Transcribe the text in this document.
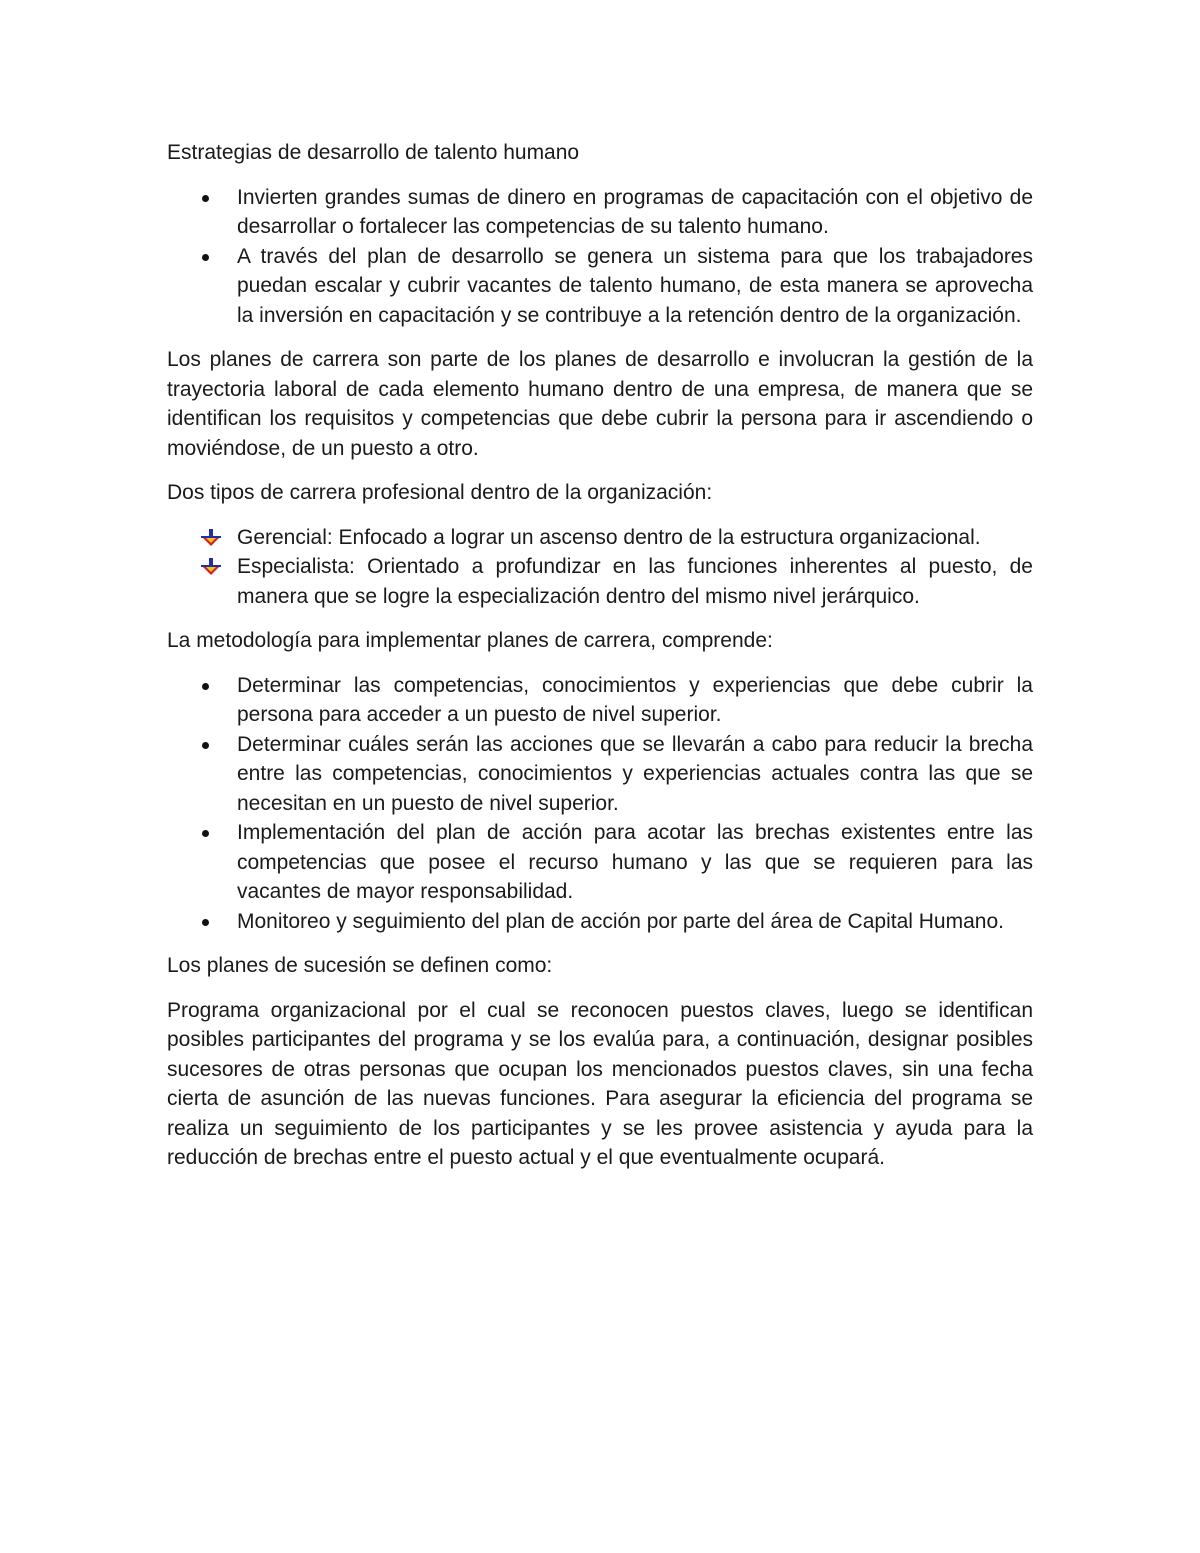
Estrategias de desarrollo de talento humano

Invierten grandes sumas de dinero en programas de capacitación con el objetivo de desarrollar o fortalecer las competencias de su talento humano.
A través del plan de desarrollo se genera un sistema para que los trabajadores puedan escalar y cubrir vacantes de talento humano, de esta manera se aprovecha la inversión en capacitación y se contribuye a la retención dentro de la organización.

Los planes de carrera son parte de los planes de desarrollo e involucran la gestión de la trayectoria laboral de cada elemento humano dentro de una empresa, de manera que se identifican los requisitos y competencias que debe cubrir la persona para ir ascendiendo o moviéndose, de un puesto a otro.

Dos tipos de carrera profesional dentro de la organización:

Gerencial: Enfocado a lograr un ascenso dentro de la estructura organizacional.
Especialista: Orientado a profundizar en las funciones inherentes al puesto, de manera que se logre la especialización dentro del mismo nivel jerárquico.

La metodología para implementar planes de carrera, comprende:

Determinar las competencias, conocimientos y experiencias que debe cubrir la persona para acceder a un puesto de nivel superior.
Determinar cuáles serán las acciones que se llevarán a cabo para reducir la brecha entre las competencias, conocimientos y experiencias actuales contra las que se necesitan en un puesto de nivel superior.
Implementación del plan de acción para acotar las brechas existentes entre las competencias que posee el recurso humano y las que se requieren para las vacantes de mayor responsabilidad.
Monitoreo y seguimiento del plan de acción por parte del área de Capital Humano.

Los planes de sucesión se definen como:

Programa organizacional por el cual se reconocen puestos claves, luego se identifican posibles participantes del programa y se los evalúa para, a continuación, designar posibles sucesores de otras personas que ocupan los mencionados puestos claves, sin una fecha cierta de asunción de las nuevas funciones. Para asegurar la eficiencia del programa se realiza un seguimiento de los participantes y se les provee asistencia y ayuda para la reducción de brechas entre el puesto actual y el que eventualmente ocupará.
